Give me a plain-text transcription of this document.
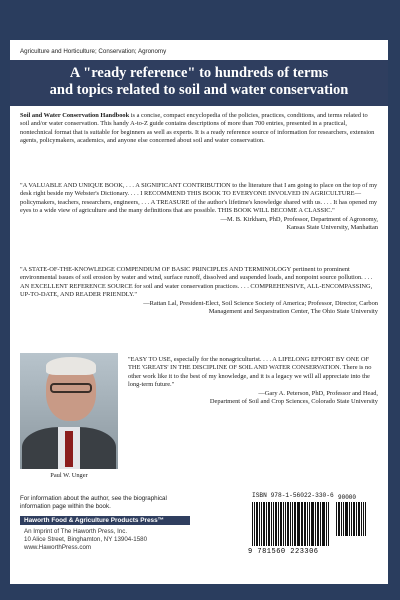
Agriculture and Horticulture; Conservation; Agronomy
A "ready reference" to hundreds of terms
and topics related to soil and water conservation
Soil and Water Conservation Handbook is a concise, compact encyclopedia of the policies, practices, conditions, and terms related to soil and/or water conservation. This handy A-to-Z guide contains descriptions of more than 700 entries, presented in a practical, nontechnical format that is suitable for beginners as well as experts. It is a ready reference source of information for researchers, extension agents, policymakers, academics, and anyone else concerned about soil and water conservation.
"A VALUABLE AND UNIQUE BOOK, . . . A SIGNIFICANT CONTRIBUTION to the literature that I am going to place on the top of my desk right beside my Webster's Dictionary. . . . I RECOMMEND THIS BOOK TO EVERYONE INVOLVED IN AGRICULTURE—policymakers, teachers, researchers, engineers, . . . A TREASURE of the author's lifetime's knowledge shared with us. . . . It has opened my eyes to a wide view of agriculture and the many definitions that are possible. THIS BOOK WILL BECOME A CLASSIC."
—M. B. Kirkham, PhD, Professor, Department of Agronomy,
Kansas State University, Manhattan
"A STATE-OF-THE-KNOWLEDGE COMPENDIUM OF BASIC PRINCIPLES AND TERMINOLOGY pertinent to prominent environmental issues of soil erosion by water and wind, surface runoff, dissolved and suspended loads, and nonpoint source pollution. . . . AN EXCELLENT REFERENCE SOURCE for soil and water conservation practices. . . . COMPREHENSIVE, ALL-ENCOMPASSING, UP-TO-DATE, AND READER FRIENDLY."
—Rattan Lal, President-Elect, Soil Science Society of America; Professor, Director, Carbon
Management and Sequestration Center, The Ohio State University
Paul W. Unger
"EASY TO USE, especially for the nonagriculturist. . . . A LIFELONG EFFORT BY ONE OF THE 'GREATS' IN THE DISCIPLINE OF SOIL AND WATER CONSERVATION. There is no other work like it to the best of my knowledge, and it is a legacy we will all appreciate into the long-term future."
—Gary A. Peterson, PhD, Professor and Head,
Department of Soil and Crop Sciences, Colorado State University
For information about the author, see the biographical information page within the book.
Haworth Food & Agriculture Products Press™
An Imprint of The Haworth Press, Inc.
10 Alice Street, Binghamton, NY 13904-1580
www.HaworthPress.com
ISBN 978-1-56022-330-6 90000
9 781560 223306
